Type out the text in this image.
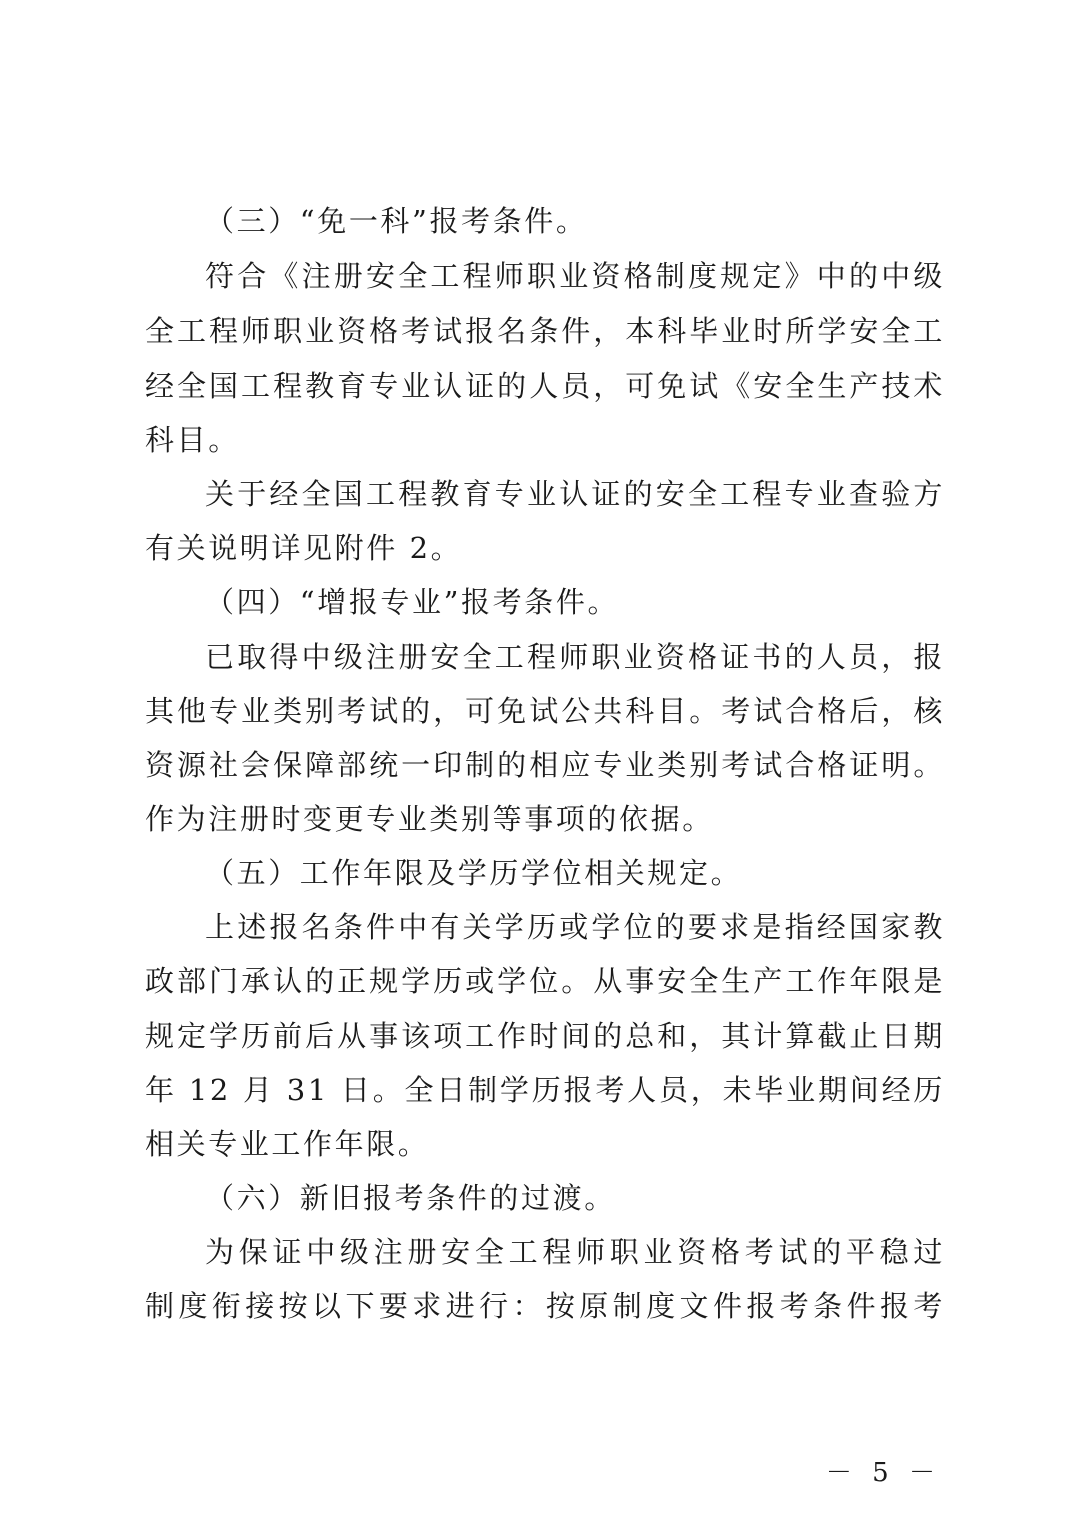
（三）“免一科”报考条件。
符合《注册安全工程师职业资格制度规定》中的中级
全工程师职业资格考试报名条件，本科毕业时所学安全工
经全国工程教育专业认证的人员，可免试《安全生产技术
科目。
关于经全国工程教育专业认证的安全工程专业查验方
有关说明详见附件 2。
（四）“增报专业”报考条件。
已取得中级注册安全工程师职业资格证书的人员，报
其他专业类别考试的，可免试公共科目。考试合格后，核
资源社会保障部统一印制的相应专业类别考试合格证明。
作为注册时变更专业类别等事项的依据。
（五）工作年限及学历学位相关规定。
上述报名条件中有关学历或学位的要求是指经国家教
政部门承认的正规学历或学位。从事安全生产工作年限是
规定学历前后从事该项工作时间的总和，其计算截止日期
年 12 月 31 日。全日制学历报考人员，未毕业期间经历
相关专业工作年限。
（六）新旧报考条件的过渡。
为保证中级注册安全工程师职业资格考试的平稳过
制度衔接按以下要求进行：按原制度文件报考条件报考
－ 5 －
